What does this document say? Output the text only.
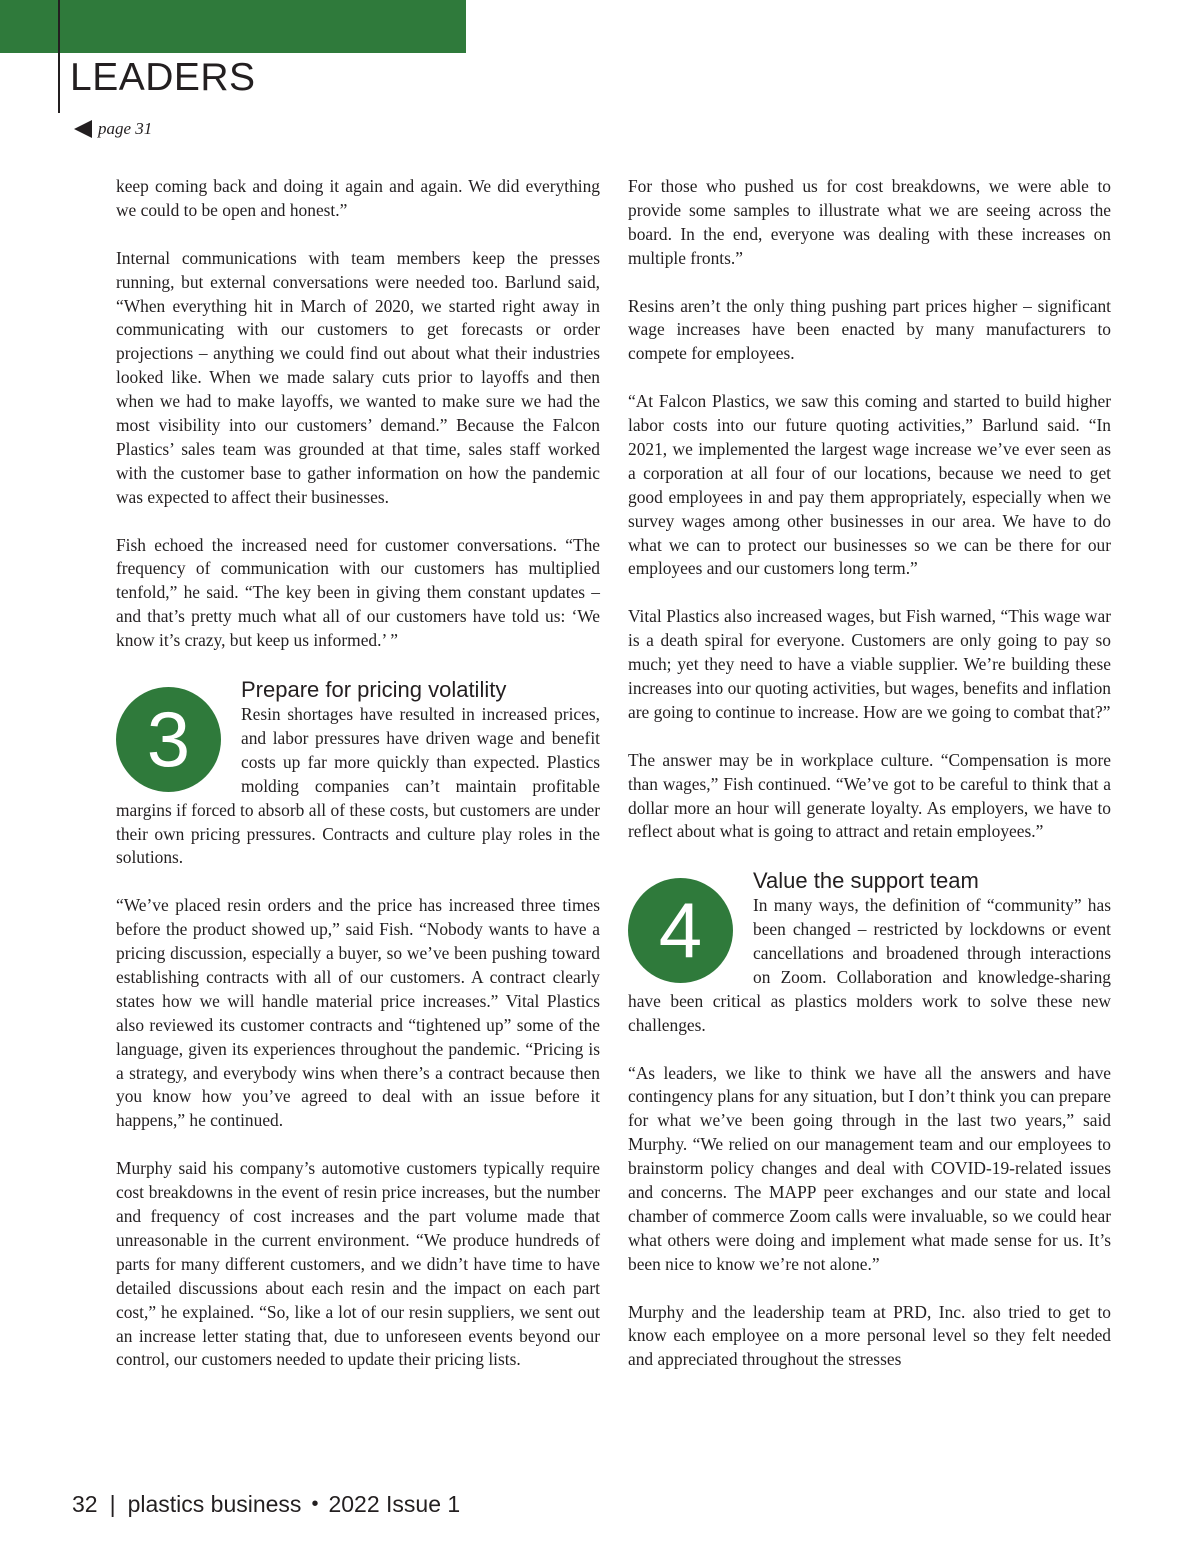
LEADERS
page 31

keep coming back and doing it again and again. We did everything we could to be open and honest.”

Internal communications with team members keep the presses running, but external conversations were needed too. Barlund said, “When everything hit in March of 2020, we started right away in communicating with our customers to get forecasts or order projections – anything we could find out about what their industries looked like. When we made salary cuts prior to layoffs and then when we had to make layoffs, we wanted to make sure we had the most visibility into our customers’ demand.” Because the Falcon Plastics’ sales team was grounded at that time, sales staff worked with the customer base to gather information on how the pandemic was expected to affect their businesses.

Fish echoed the increased need for customer conversations. “The frequency of communication with our customers has multiplied tenfold,” he said. “The key been in giving them constant updates – and that’s pretty much what all of our customers have told us: ‘We know it’s crazy, but keep us informed.’ ”

3
Prepare for pricing volatility

Resin shortages have resulted in increased prices, and labor pressures have driven wage and benefit costs up far more quickly than expected. Plastics molding companies can’t maintain profitable margins if forced to absorb all of these costs, but customers are under their own pricing pressures. Contracts and culture play roles in the solutions.

“We’ve placed resin orders and the price has increased three times before the product showed up,” said Fish. “Nobody wants to have a pricing discussion, especially a buyer, so we’ve been pushing toward establishing contracts with all of our customers. A contract clearly states how we will handle material price increases.” Vital Plastics also reviewed its customer contracts and “tightened up” some of the language, given its experiences throughout the pandemic. “Pricing is a strategy, and everybody wins when there’s a contract because then you know how you’ve agreed to deal with an issue before it happens,” he continued.

Murphy said his company’s automotive customers typically require cost breakdowns in the event of resin price increases, but the number and frequency of cost increases and the part volume made that unreasonable in the current environment. “We produce hundreds of parts for many different customers, and we didn’t have time to have detailed discussions about each resin and the impact on each part cost,” he explained. “So, like a lot of our resin suppliers, we sent out an increase letter stating that, due to unforeseen events beyond our control, our customers needed to update their pricing lists.

For those who pushed us for cost breakdowns, we were able to provide some samples to illustrate what we are seeing across the board. In the end, everyone was dealing with these increases on multiple fronts.”

Resins aren’t the only thing pushing part prices higher – significant wage increases have been enacted by many manufacturers to compete for employees.

“At Falcon Plastics, we saw this coming and started to build higher labor costs into our future quoting activities,” Barlund said. “In 2021, we implemented the largest wage increase we’ve ever seen as a corporation at all four of our locations, because we need to get good employees in and pay them appropriately, especially when we survey wages among other businesses in our area. We have to do what we can to protect our businesses so we can be there for our employees and our customers long term.”

Vital Plastics also increased wages, but Fish warned, “This wage war is a death spiral for everyone. Customers are only going to pay so much; yet they need to have a viable supplier. We’re building these increases into our quoting activities, but wages, benefits and inflation are going to continue to increase. How are we going to combat that?”

The answer may be in workplace culture. “Compensation is more than wages,” Fish continued. “We’ve got to be careful to think that a dollar more an hour will generate loyalty. As employers, we have to reflect about what is going to attract and retain employees.”

4
Value the support team

In many ways, the definition of “community” has been changed – restricted by lockdowns or event cancellations and broadened through interactions on Zoom. Collaboration and knowledge-sharing have been critical as plastics molders work to solve these new challenges.

“As leaders, we like to think we have all the answers and have contingency plans for any situation, but I don’t think you can prepare for what we’ve been going through in the last two years,” said Murphy. “We relied on our management team and our employees to brainstorm policy changes and deal with COVID-19-related issues and concerns. The MAPP peer exchanges and our state and local chamber of commerce Zoom calls were invaluable, so we could hear what others were doing and implement what made sense for us. It’s been nice to know we’re not alone.”

Murphy and the leadership team at PRD, Inc. also tried to get to know each employee on a more personal level so they felt needed and appreciated throughout the stresses

32 | plastics business • 2022 Issue 1
